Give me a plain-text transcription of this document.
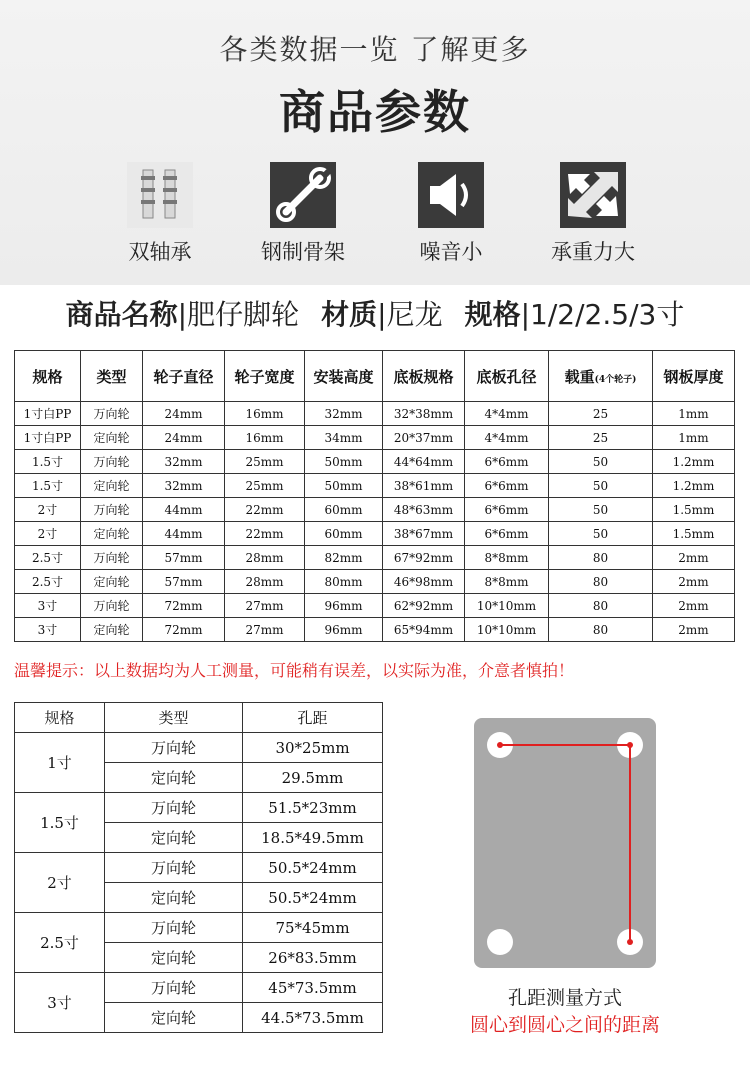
各类数据一览 了解更多
商品参数
双轴承	钢制骨架	噪音小	承重力大
商品名称|肥仔脚轮 材质|尼龙 规格|1/2/2.5/3寸
规格	类型	轮子直径	轮子宽度	安装高度	底板规格	底板孔径	载重(4个轮子)	钢板厚度
1寸白PP	万向轮	24mm	16mm	32mm	32*38mm	4*4mm	25	1mm
1寸白PP	定向轮	24mm	16mm	34mm	20*37mm	4*4mm	25	1mm
1.5寸	万向轮	32mm	25mm	50mm	44*64mm	6*6mm	50	1.2mm
1.5寸	定向轮	32mm	25mm	50mm	38*61mm	6*6mm	50	1.2mm
2寸	万向轮	44mm	22mm	60mm	48*63mm	6*6mm	50	1.5mm
2寸	定向轮	44mm	22mm	60mm	38*67mm	6*6mm	50	1.5mm
2.5寸	万向轮	57mm	28mm	82mm	67*92mm	8*8mm	80	2mm
2.5寸	定向轮	57mm	28mm	80mm	46*98mm	8*8mm	80	2mm
3寸	万向轮	72mm	27mm	96mm	62*92mm	10*10mm	80	2mm
3寸	定向轮	72mm	27mm	96mm	65*94mm	10*10mm	80	2mm
温馨提示：以上数据均为人工测量，可能稍有误差，以实际为准，介意者慎拍！
规格	类型	孔距
1寸	万向轮	30*25mm
	定向轮	29.5mm
1.5寸	万向轮	51.5*23mm
	定向轮	18.5*49.5mm
2寸	万向轮	50.5*24mm
	定向轮	50.5*24mm
2.5寸	万向轮	75*45mm
	定向轮	26*83.5mm
3寸	万向轮	45*73.5mm
	定向轮	44.5*73.5mm
孔距测量方式
圆心到圆心之间的距离
